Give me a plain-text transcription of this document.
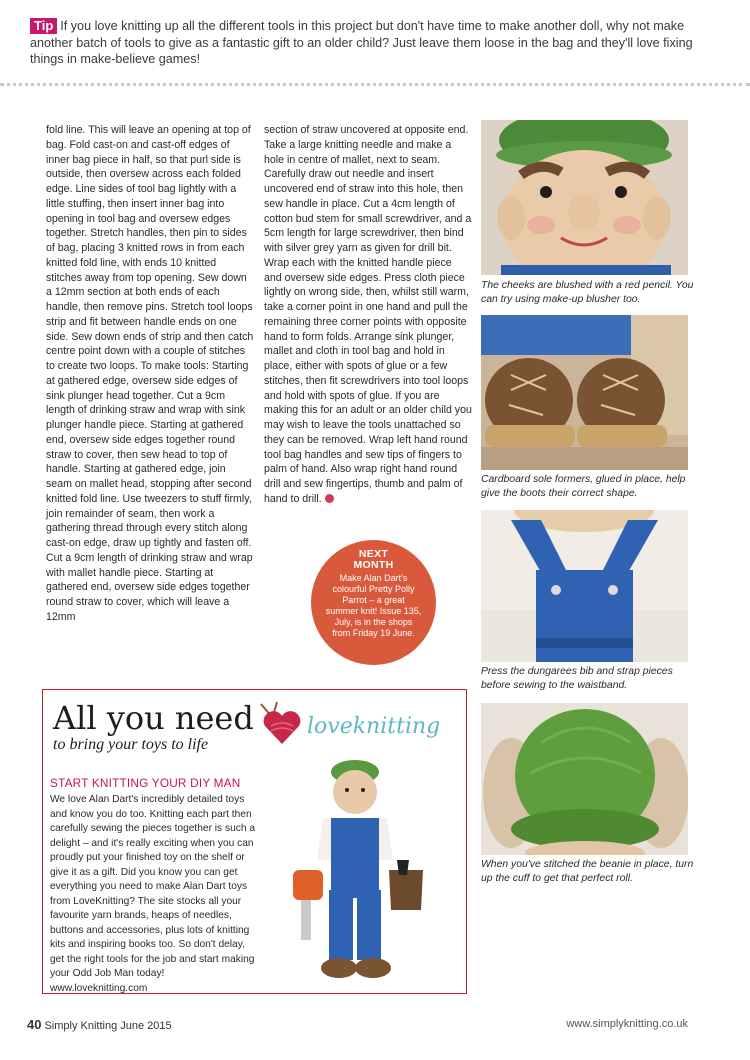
Tip If you love knitting up all the different tools in this project but don't have time to make another doll, why not make another batch of tools to give as a fantastic gift to an older child? Just leave them loose in the bag and they'll love fixing things in make-believe games!

fold line. This will leave an opening at top of bag. Fold cast-on and cast-off edges of inner bag piece in half, so that purl side is outside, then oversew across each folded edge. Line sides of tool bag lightly with a little stuffing, then insert inner bag into opening in tool bag and oversew edges together. Stretch handles, then pin to sides of bag, placing 3 knitted rows in from each knitted fold line, with ends 10 knitted stitches away from top opening. Sew down a 12mm section at both ends of each handle, then remove pins. Stretch tool loops strip and fit between handle ends on one side. Sew down ends of strip and then catch centre point down with a couple of stitches to create two loops. To make tools: Starting at gathered edge, oversew side edges of sink plunger head together. Cut a 9cm length of drinking straw and wrap with sink plunger handle piece. Starting at gathered end, oversew side edges together round straw to cover, then sew head to top of handle. Starting at gathered edge, join seam on mallet head, stopping after second knitted fold line. Use tweezers to stuff firmly, join remainder of seam, then work a gathering thread through every stitch along cast-on edge, draw up tightly and fasten off. Cut a 9cm length of drinking straw and wrap with mallet handle piece. Starting at gathered end, oversew side edges together round straw to cover, which will leave a 12mm

section of straw uncovered at opposite end. Take a large knitting needle and make a hole in centre of mallet, next to seam. Carefully draw out needle and insert uncovered end of straw into this hole, then sew handle in place. Cut a 4cm length of cotton bud stem for small screwdriver, and a 5cm length for large screwdriver, then bind with silver grey yarn as given for drill bit. Wrap each with the knitted handle piece and oversew side edges. Press cloth piece lightly on wrong side, then, whilst still warm, take a corner point in one hand and pull the remaining three corner points with opposite hand to form folds. Arrange sink plunger, mallet and cloth in tool bag and hold in place, either with spots of glue or a few stitches, then fit screwdrivers into tool loops and hold with spots of glue. If you are making this for an adult or an older child you may wish to leave the tools unattached so they can be removed. Wrap left hand round tool bag handles and sew tips of fingers to palm of hand. Also wrap right hand round drill and sew fingertips, thumb and palm of hand to drill.

NEXT
MONTH
Make Alan Dart's colourful Pretty Polly Parrot – a great summer knit! Issue 135, July, is in the shops from Friday 19 June.
The cheeks are blushed with a red pencil. You can try using make-up blusher too.
Cardboard sole formers, glued in place, help give the boots their correct shape.
Press the dungarees bib and strap pieces before sewing to the waistband.
When you've stitched the beanie in place, turn up the cuff to get that perfect roll.
All you need
to bring your toys to life
START KNITTING YOUR DIY MAN
We love Alan Dart's incredibly detailed toys and know you do too. Knitting each part then carefully sewing the pieces together is such a delight – and it's really exciting when you can proudly put your finished toy on the shelf or give it as a gift. Did you know you can get everything you need to make Alan Dart toys from LoveKnitting? The site stocks all your favourite yarn brands, heaps of needles, buttons and accessories, plus lots of knitting kits and inspiring books too. So don't delay, get the right tools for the job and start making your Odd Job Man today! www.loveknitting.com
loveknitting
40 Simply Knitting June 2015	www.simplyknitting.co.uk
